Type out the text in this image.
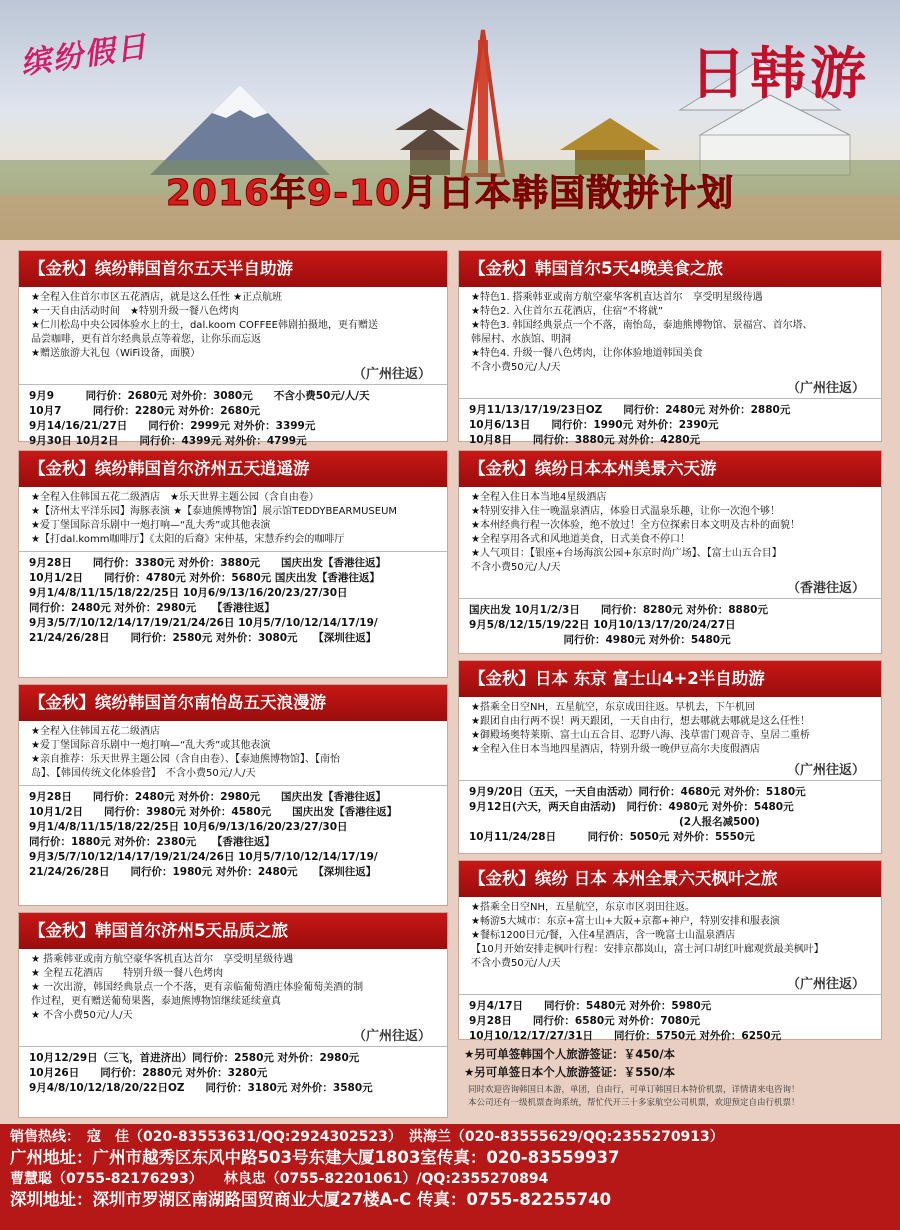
缤纷假日	日韩游
2016年9-10月日本韩国散拼计划
【金秋】缤纷韩国首尔五天半自助游
★全程入住首尔市区五花酒店，就是这么任性 ★正点航班
★一天自由活动时间　★特别升级一餐八色烤肉
★仁川松岛中央公园体验水上的士，dal.koom COFFEE韩剧拍摄地，更有赠送
品尝咖啡，更有首尔经典景点等着您，让你乐而忘返
★赠送旅游大礼包（WiFi设备，面膜）
（广州往返）
9月9　　　同行价：2680元 对外价：3080元　　不含小费50元/人/天
10月7　　　同行价：2280元 对外价：2680元
9月14/16/21/27日　　同行价：2999元 对外价：3399元
9月30日 10月2日　　同行价：4399元 对外价：4799元
【金秋】缤纷韩国首尔济州五天逍遥游
★全程入住韩国五花二级酒店　★乐天世界主题公园（含自由卷）
★【济州太平洋乐园】海豚表演 ★【泰迪熊博物馆】展示馆TEDDYBEARMUSEUM
★爱丁堡国际音乐剧中一炮打响—“乱大秀”或其他表演
★【打dal.komm咖啡厅】《太阳的后裔》宋仲基，宋慧乔约会的咖啡厅
9月28日　　同行价：3380元 对外价：3880元　　国庆出发【香港往返】
10月1/2日　　同行价：4780元 对外价：5680元 国庆出发【香港往返】
9月1/4/8/11/15/18/22/25日 10月6/9/13/16/20/23/27/30日
同行价：2480元 对外价：2980元　　【香港往返】
9月3/5/7/10/12/14/17/19/21/24/26日 10月5/7/10/12/14/17/19/
21/24/26/28日　　同行价：2580元 对外价：3080元　　【深圳往返】
【金秋】缤纷韩国首尔南怡岛五天浪漫游
★全程入住韩国五花二级酒店
★爱丁堡国际音乐剧中一炮打响—“乱大秀”或其他表演
★亲自推荐：乐天世界主题公园（含自由卷）、【泰迪熊博物馆】、【南怡
岛】、【韩国传统文化体验营】　不含小费50元/人/天
9月28日　　同行价：2480元 对外价：2980元　　国庆出发【香港往返】
10月1/2日　　同行价：3980元 对外价：4580元　　国庆出发【香港往返】
9月1/4/8/11/15/18/22/25日 10月6/9/13/16/20/23/27/30日
同行价：1880元 对外价：2380元　　【香港往返】
9月3/5/7/10/12/14/17/19/21/24/26日 10月5/7/10/12/14/17/19/
21/24/26/28日　　同行价：1980元 对外价：2480元　　【深圳往返】
【金秋】韩国首尔济州5天品质之旅
★ 搭乘韩亚或南方航空豪华客机直达首尔　享受明星级待遇
★ 全程五花酒店　　特别升级一餐八色烤肉
★ 一次出游，韩国经典景点一个不落，更有亲临葡萄酒庄体验葡萄美酒的制
作过程，更有赠送葡萄果酱，泰迪熊博物馆继续延续童真
★ 不含小费50元/人/天
（广州往返）
10月12/29日（三飞，首进济出）同行价：2580元 对外价：2980元
10月26日　　同行价：2880元 对外价：3280元
9月4/8/10/12/18/20/22日OZ　　同行价：3180元 对外价：3580元
【金秋】韩国首尔5天4晚美食之旅
★特色1. 搭乘韩亚或南方航空豪华客机直达首尔　享受明星级待遇
★特色2. 入住首尔五花酒店，住宿“不将就”
★特色3. 韩国经典景点一个不落，南怡岛，泰迪熊博物馆、景福宫、首尔塔、
韩屋村、水族馆、明洞
★特色4. 升级一餐八色烤肉，让你体验地道韩国美食
不含小费50元/人/天
（广州往返）
9月11/13/17/19/23日OZ　　同行价：2480元 对外价：2880元
10月6/13日　　同行价：1990元 对外价：2390元
10月8日　　同行价：3880元 对外价：4280元
【金秋】缤纷日本本州美景六天游
★全程入住日本当地4星级酒店
★特别安排入住一晚温泉酒店，体验日式温泉乐趣，让你一次泡个够！
★本州经典行程一次体验，绝不放过！全方位探索日本文明及古朴的面貌！
★全程享用各式和风地道美食，日式美食不停口！
★人气项目：【银座+台场海滨公园+东京时尚广场】、【富士山五合目】
不含小费50元/人/天
（香港往返）
国庆出发 10月1/2/3日　　同行价：8280元 对外价：8880元
9月5/8/12/15/19/22日 10月10/13/17/20/24/27日
　　　　　　　　　同行价：4980元 对外价：5480元
【金秋】日本 东京 富士山4+2半自助游
★搭乘全日空NH，五星航空，东京成田往返。早机去，下午机回
★跟团自由行两不误！两天跟团，一天自由行，想去哪就去哪就是这么任性！
★御殿场奥特莱斯、富士山五合目、忍野八海、浅草雷门观音寺、皇居二重桥
★全程入住日本当地四星酒店，特别升级一晚伊豆高尔夫度假酒店
（广州往返）
9月9/20日（五天，一天自由活动）同行价：4680元 对外价：5180元
9月12日(六天，两天自由活动)　同行价：4980元 对外价：5480元
　　　　　　　　　　　　　　　　　　　　(2人报名减500)
10月11/24/28日　　　同行价：5050元 对外价：5550元
【金秋】缤纷 日本 本州全景六天枫叶之旅
★搭乘全日空NH，五星航空，东京市区羽田往返。
★畅游5大城市：东京+富士山+大阪+京都+神户，特别安排和服表演
★餐标1200日元/餐，入住4星酒店，含一晚富士山温泉酒店
【10月开始安排走枫叶行程：安排京都岚山，富士河口胡红叶廊观赏最美枫叶】
不含小费50元/人/天
（广州往返）
9月4/17日　　同行价：5480元 对外价：5980元
9月28日　　同行价：6580元 对外价：7080元
10月10/12/17/27/31日　　同行价：5750元 对外价：6250元
★另可单签韩国个人旅游签证：￥450/本
★另可单签日本个人旅游签证：￥550/本
同时欢迎咨询韩国日本游，单团，自由行，可单订韩国日本特价机票，详情请来电咨询！
本公司还有一级机票查询系统，帮忙代开三十多家航空公司机票，欢迎预定自由行机票！
销售热线：　寇　佳（020-83553631/QQ:2924302523）　洪海兰（020-83555629/QQ:2355270913）
广州地址：广州市越秀区东风中路503号东建大厦1803室传真：020-83559937
曹慧聪（0755-82176293）　　林良忠（0755-82201061）/QQ:2355270894
深圳地址：深圳市罗湖区南湖路国贸商业大厦27楼A-C 传真：0755-82255740
